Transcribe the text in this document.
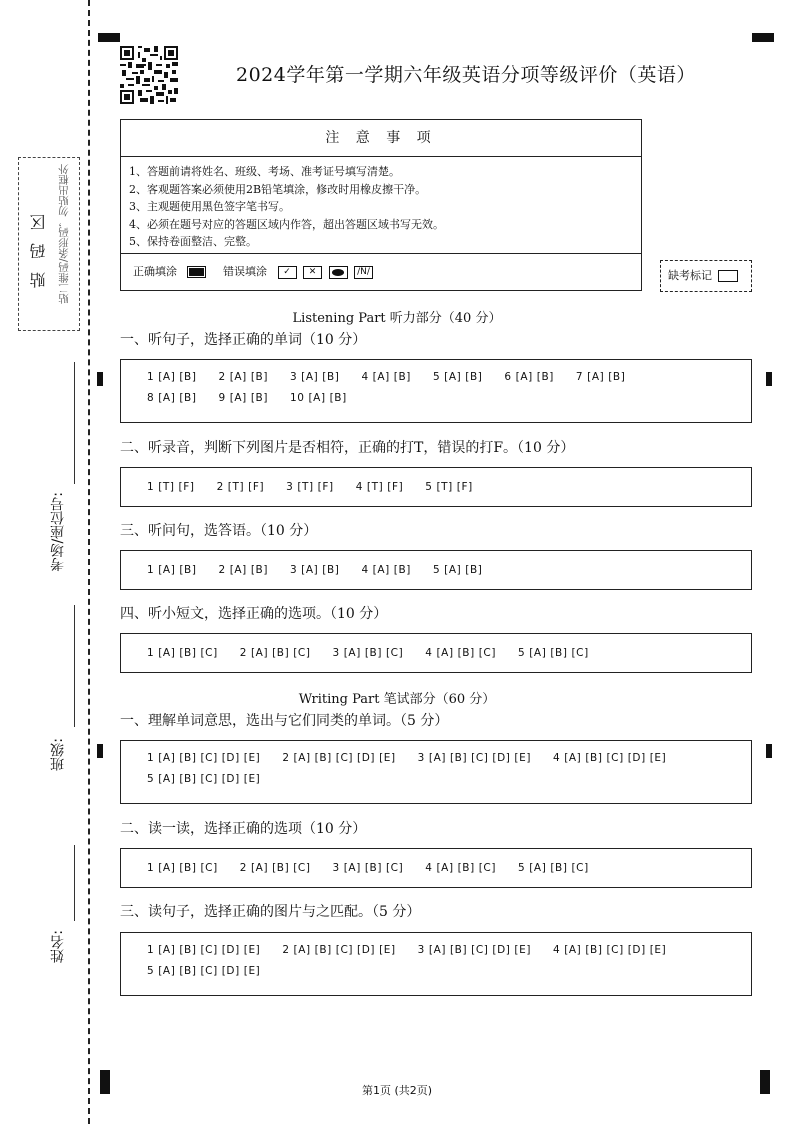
2024学年第一学期六年级英语分项等级评价（英语）
注 意 事 项
1、答题前请将姓名、班级、考场、准考证号填写清楚。
2、客观题答案必须使用2B铅笔填涂，修改时用橡皮擦干净。
3、主观题使用黑色签字笔书写。
4、必须在题号对应的答题区域内作答，超出答题区域书写无效。
5、保持卷面整洁、完整。
正确填涂	错误填涂 ✓ ✕	/N/	缺考标记
贴 码 区 贴二维码/条形码，勿贴出框外
考场/座位号:
班级:
姓名:
Listening Part 听力部分（40 分）
一、听句子，选择正确的单词（10 分）
1 [A] [B] 2 [A] [B] 3 [A] [B] 4 [A] [B] 5 [A] [B] 6 [A] [B] 7 [A] [B]
8 [A] [B] 9 [A] [B] 10 [A] [B]
二、听录音，判断下列图片是否相符，正确的打T，错误的打F。（10 分）
1 [T] [F] 2 [T] [F] 3 [T] [F] 4 [T] [F] 5 [T] [F]
三、听问句，选答语。（10 分）
1 [A] [B] 2 [A] [B] 3 [A] [B] 4 [A] [B] 5 [A] [B]
四、听小短文，选择正确的选项。（10 分）
1 [A] [B] [C] 2 [A] [B] [C] 3 [A] [B] [C] 4 [A] [B] [C] 5 [A] [B] [C]
Writing Part 笔试部分（60 分）
一、理解单词意思，选出与它们同类的单词。（5 分）
1 [A] [B] [C] [D] [E] 2 [A] [B] [C] [D] [E] 3 [A] [B] [C] [D] [E] 4 [A] [B] [C] [D] [E]
5 [A] [B] [C] [D] [E]
二、读一读，选择正确的选项（10 分）
1 [A] [B] [C] 2 [A] [B] [C] 3 [A] [B] [C] 4 [A] [B] [C] 5 [A] [B] [C]
三、读句子，选择正确的图片与之匹配。（5 分）
1 [A] [B] [C] [D] [E] 2 [A] [B] [C] [D] [E] 3 [A] [B] [C] [D] [E] 4 [A] [B] [C] [D] [E]
5 [A] [B] [C] [D] [E]
第1页 (共2页)
